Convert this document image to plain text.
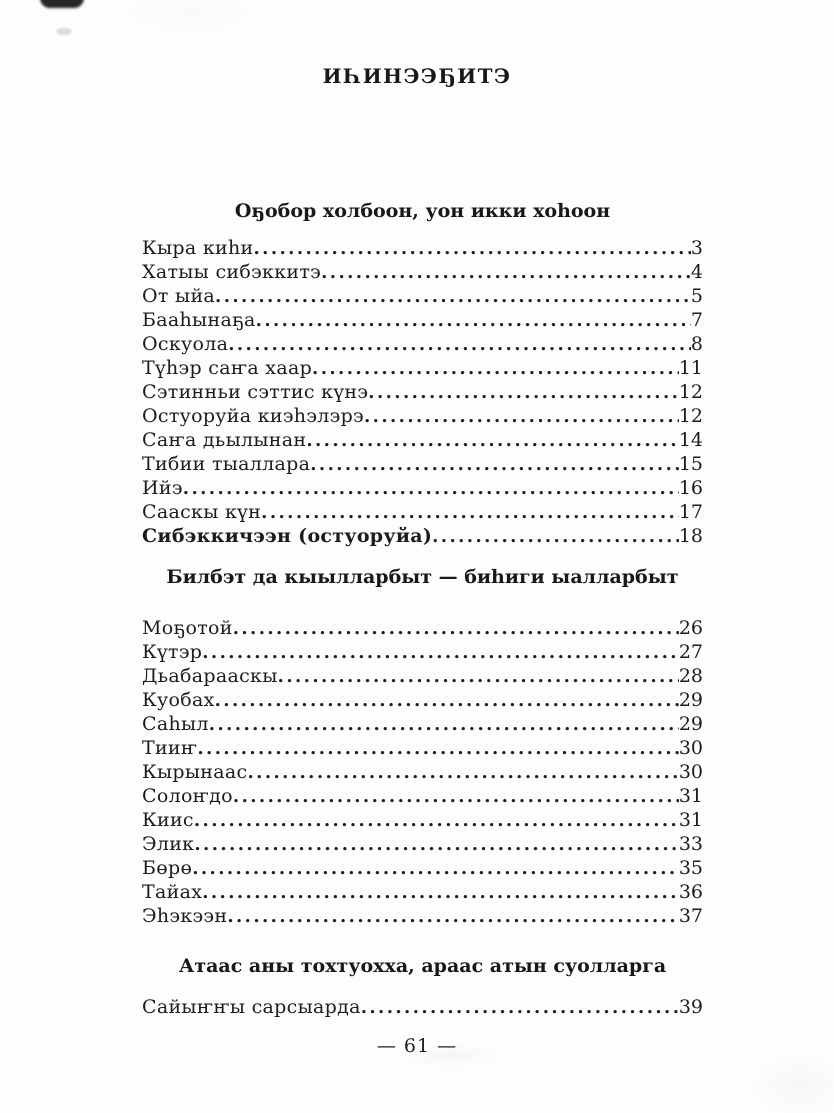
ИҺИНЭЭҔИТЭ
Оҕобор холбоон, уон икки хоһоон
Кыра киһи .....	3
Хатыы сибэккитэ .....	4
От ыйа .....	5
Бааһынаҕа .....	7
Оскуола .....	8
Түһэр саҥа хаар .....	11
Сэтинньи сэттис күнэ .....	12
Остуоруйа киэһэлэрэ .....	12
Саҥа дьылынан .....	14
Тибии тыаллара .....	15
Ийэ .....	16
Сааскы күн .....	17
Сибэккичээн (остуоруйа) .....	18
Билбэт да кыылларбыт — биһиги ыалларбыт
Моҕотой .....	26
Күтэр .....	27
Дьабарааскы .....	28
Куобах .....	29
Саһыл .....	29
Тииҥ .....	30
Кырынаас .....	30
Солоҥдо .....	31
Киис .....	31
Элик .....	33
Бөрө .....	35
Тайах .....	36
Эһэкээн .....	37
Атаас аны тохтуохха, араас атын суолларга
Сайыҥҥы сарсыарда .....	39
— 61 —
